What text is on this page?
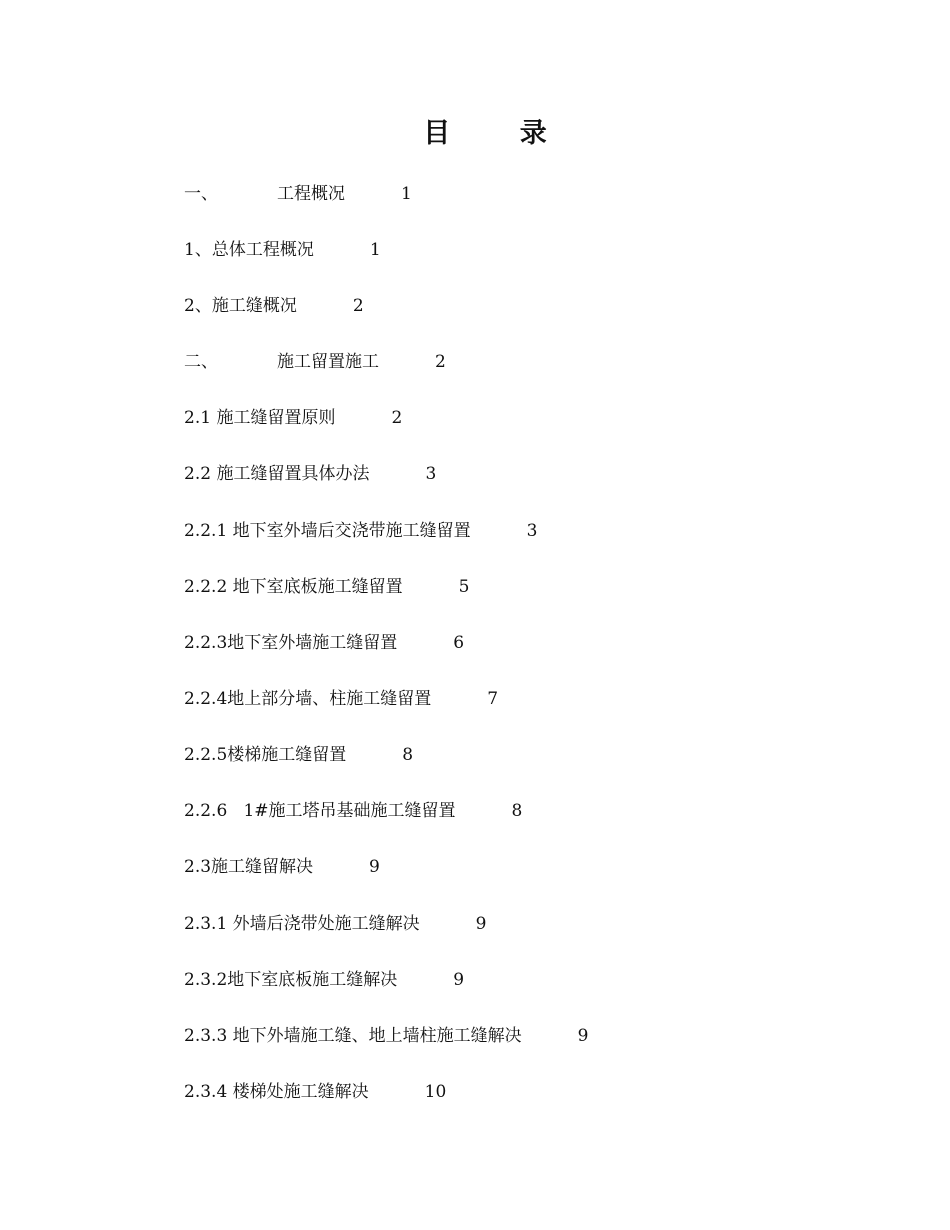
目 录
一、	工程概况	1
1、总体工程概况	1
2、施工缝概况	2
二、	施工留置施工	2
2.1 施工缝留置原则	2
2.2 施工缝留置具体办法	3
2.2.1 地下室外墙后交浇带施工缝留置	3
2.2.2 地下室底板施工缝留置	5
2.2.3地下室外墙施工缝留置	6
2.2.4地上部分墙、柱施工缝留置	7
2.2.5楼梯施工缝留置	8
2.2.6   1#施工塔吊基础施工缝留置	8
2.3施工缝留解决	9
2.3.1 外墙后浇带处施工缝解决	9
2.3.2地下室底板施工缝解决	9
2.3.3 地下外墙施工缝、地上墙柱施工缝解决	9
2.3.4 楼梯处施工缝解决	10
